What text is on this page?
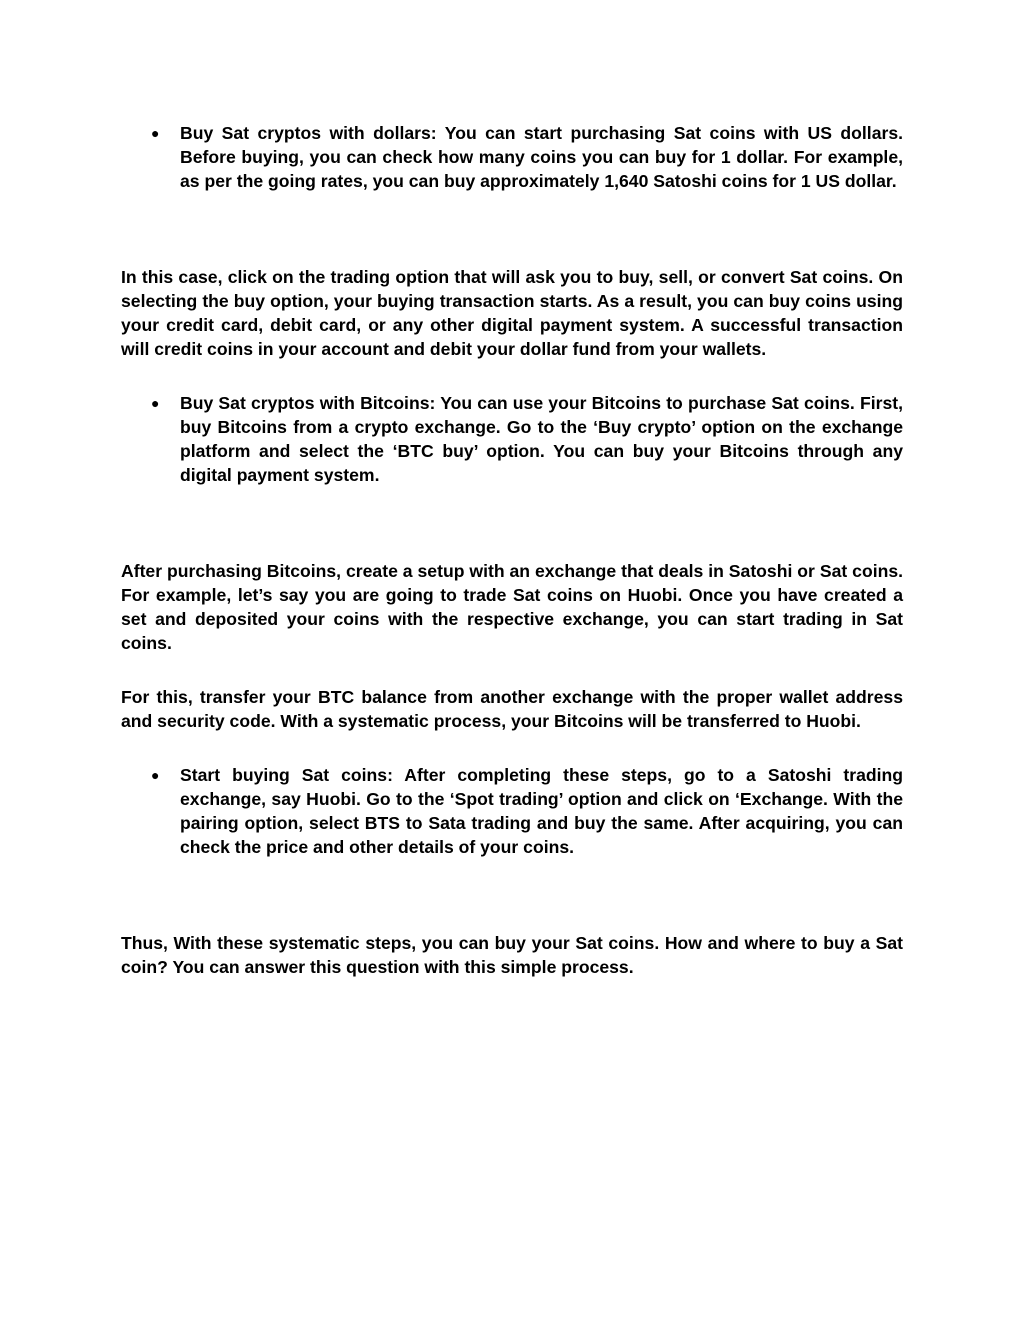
● Buy Sat cryptos with dollars: You can start purchasing Sat coins with US dollars. Before buying, you can check how many coins you can buy for 1 dollar. For example, as per the going rates, you can buy approximately 1,640 Satoshi coins for 1 US dollar.

In this case, click on the trading option that will ask you to buy, sell, or convert Sat coins. On selecting the buy option, your buying transaction starts. As a result, you can buy coins using your credit card, debit card, or any other digital payment system. A successful transaction will credit coins in your account and debit your dollar fund from your wallets.

● Buy Sat cryptos with Bitcoins: You can use your Bitcoins to purchase Sat coins. First, buy Bitcoins from a crypto exchange. Go to the ‘Buy crypto’ option on the exchange platform and select the ‘BTC buy’ option. You can buy your Bitcoins through any digital payment system.

After purchasing Bitcoins, create a setup with an exchange that deals in Satoshi or Sat coins. For example, let’s say you are going to trade Sat coins on Huobi. Once you have created a set and deposited your coins with the respective exchange, you can start trading in Sat coins.

For this, transfer your BTC balance from another exchange with the proper wallet address and security code. With a systematic process, your Bitcoins will be transferred to Huobi.

● Start buying Sat coins: After completing these steps, go to a Satoshi trading exchange, say Huobi. Go to the ‘Spot trading’ option and click on ‘Exchange. With the pairing option, select BTS to Sata trading and buy the same. After acquiring, you can check the price and other details of your coins.

Thus, With these systematic steps, you can buy your Sat coins. How and where to buy a Sat coin? You can answer this question with this simple process.
